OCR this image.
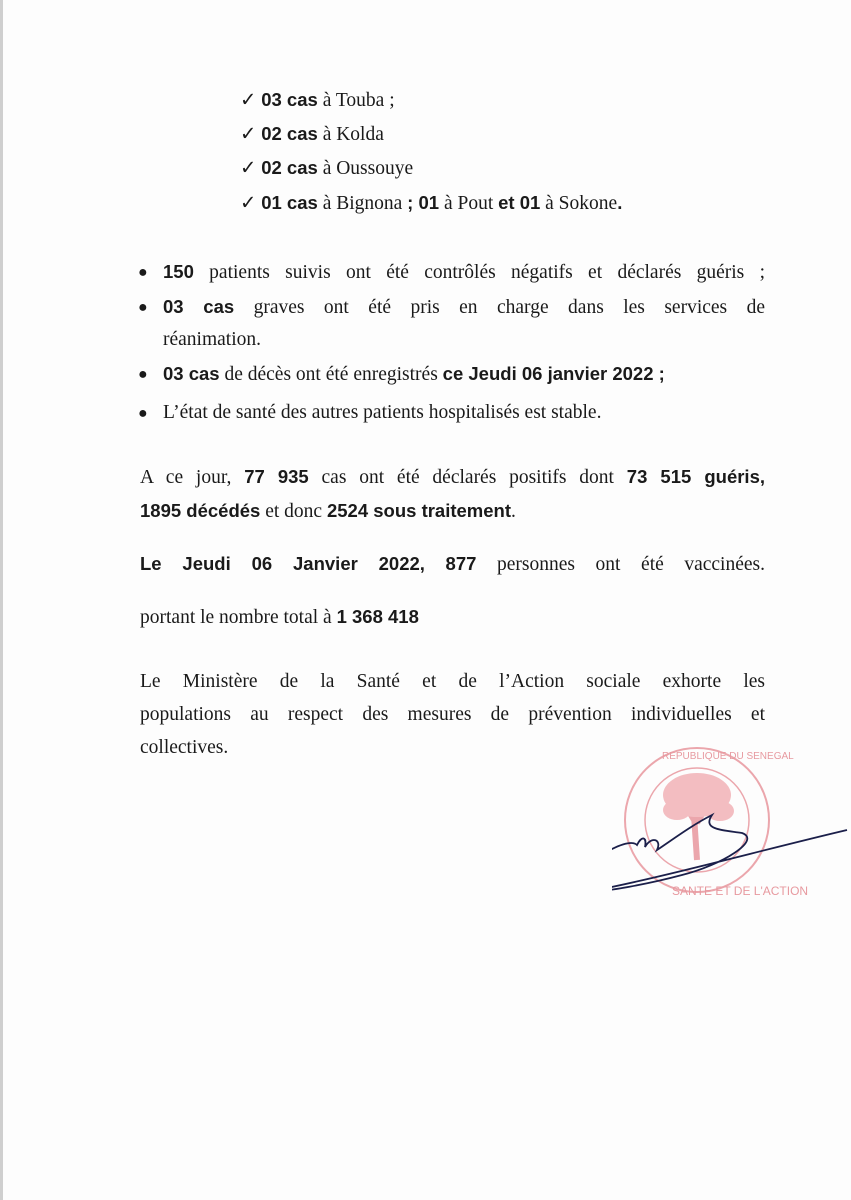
✓ 03 cas à Touba ;
✓ 02 cas à Kolda
✓ 02 cas à Oussouye
✓ 01 cas à Bignona ; 01 à Pout et 01 à Sokone.
● 150 patients suivis ont été contrôlés négatifs et déclarés guéris ;
● 03 cas graves ont été pris en charge dans les services de
réanimation.
● 03 cas de décès ont été enregistrés ce Jeudi 06 janvier 2022 ;
● L’état de santé des autres patients hospitalisés est stable.
A ce jour, 77 935 cas ont été déclarés positifs dont 73 515 guéris,
1895 décédés et donc 2524 sous traitement.
Le Jeudi 06 Janvier 2022, 877 personnes ont été vaccinées.
portant le nombre total à 1 368 418
Le Ministère de la Santé et de l’Action sociale exhorte les
populations au respect des mesures de prévention individuelles et
collectives.
SANTE ET DE L'ACTION
REPUBLIQUE DU SENEGAL
